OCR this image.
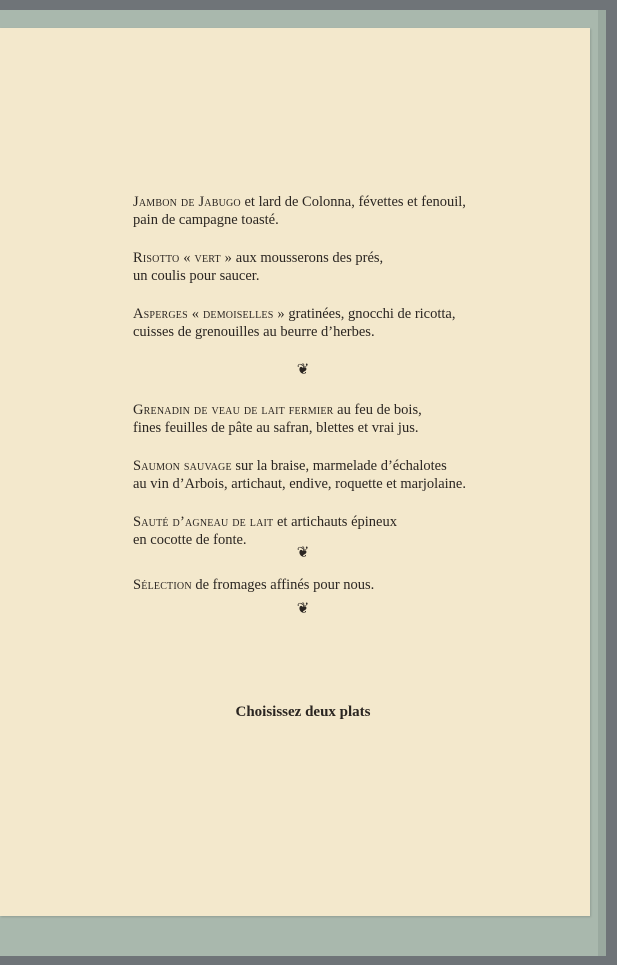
Jambon de Jabugo et lard de Colonna, févettes et fenouil,

pain de campagne toasté.

Risotto « vert » aux mousserons des prés,

un coulis pour saucer.

Asperges « demoiselles » gratinées, gnocchi de ricotta,

cuisses de grenouilles au beurre d’herbes.

❦

Grenadin de veau de lait fermier au feu de bois,

fines feuilles de pâte au safran, blettes et vrai jus.

Saumon sauvage sur la braise, marmelade d’échalotes

au vin d’Arbois, artichaut, endive, roquette et marjolaine.

Sauté d’agneau de lait et artichauts épineux

en cocotte de fonte.

❦

Sélection de fromages affinés pour nous.

❦
Choisissez deux plats
